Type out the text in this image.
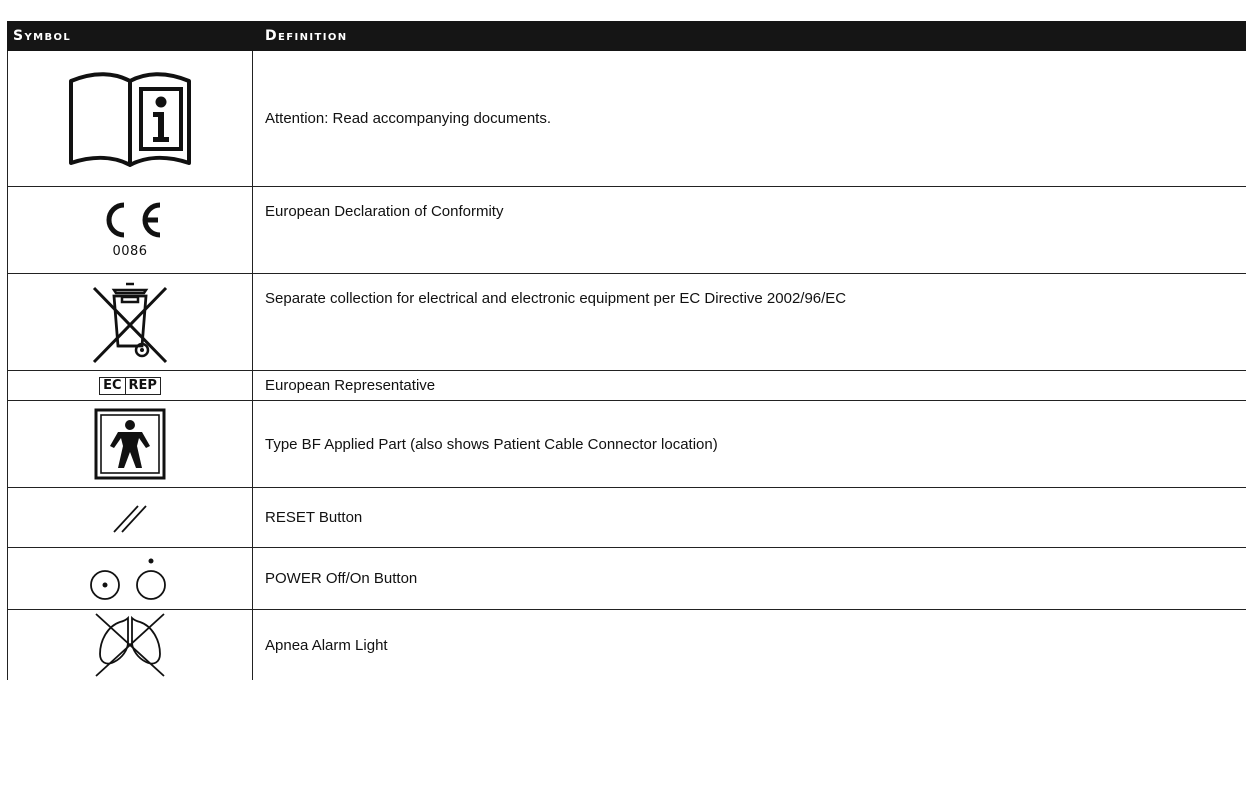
Symbol	Definition
Attention: Read accompanying documents.
0086
European Declaration of Conformity
Separate collection for electrical and electronic equipment per EC Directive 2002/96/EC
EC REP	European Representative
Type BF Applied Part (also shows Patient Cable Connector location)
RESET Button
POWER Off/On Button
Apnea Alarm Light
